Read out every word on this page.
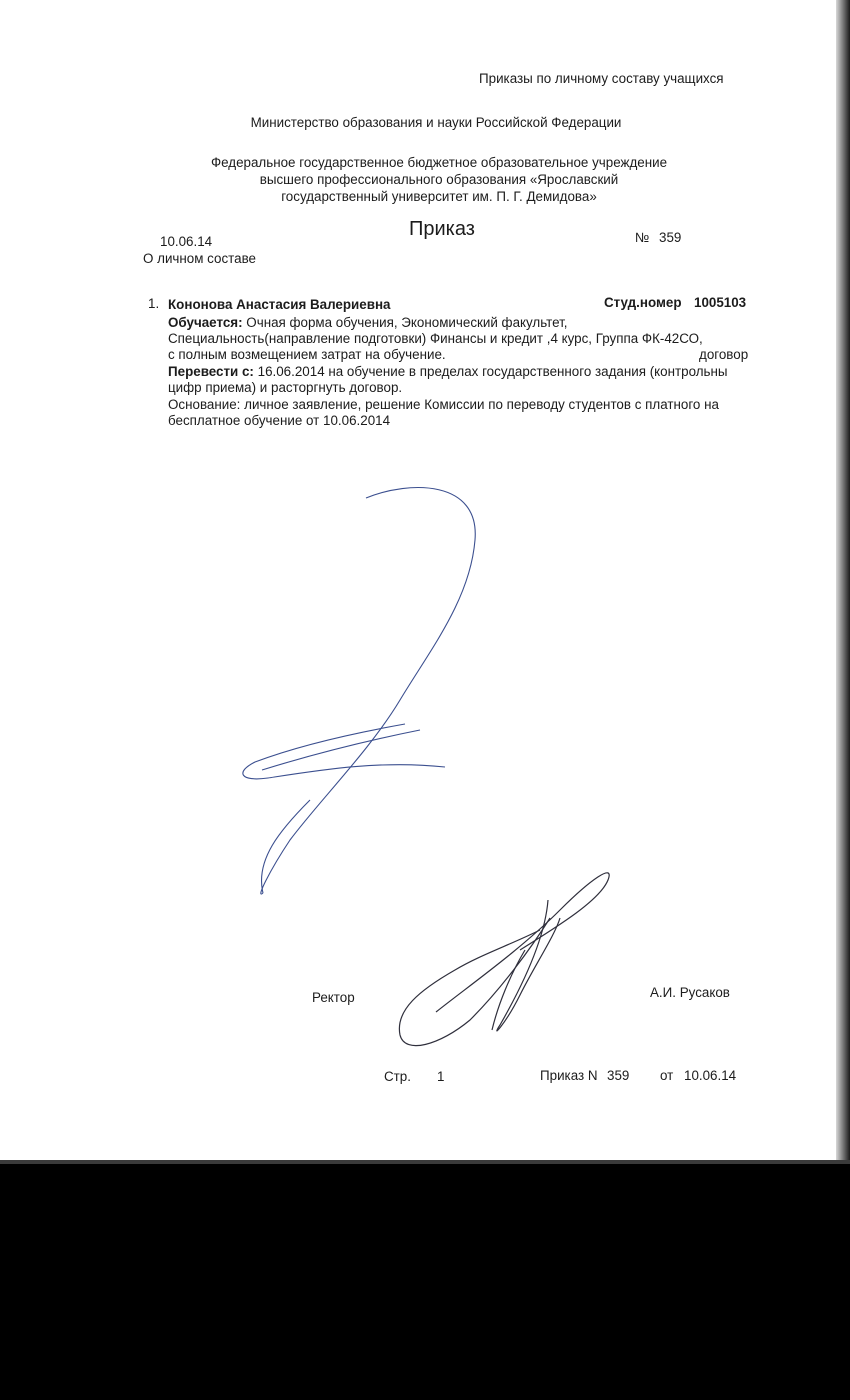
Приказы по личному составу учащихся
Министерство образования и науки Российской Федерации
Федеральное государственное бюджетное образовательное учреждение
высшего профессионального образования «Ярославский
государственный университет им. П. Г. Демидова»
Приказ
10.06.14	№ 359
О личном составе
1. Кононова Анастасия Валериевна	Студ.номер 1005103
Обучается: Очная форма обучения, Экономический факультет,
Специальность(направление подготовки) Финансы и кредит ,4 курс, Группа ФК-42СО,
с полным возмещением затрат на обучение.	договор
Перевести с: 16.06.2014 на обучение в пределах государственного задания (контрольны
цифр приема) и расторгнуть договор.
Основание: личное заявление, решение Комиссии по переводу студентов с платного на
бесплатное обучение от 10.06.2014
Ректор	А.И. Русаков
Стр. 1	Приказ N 359 от 10.06.14
